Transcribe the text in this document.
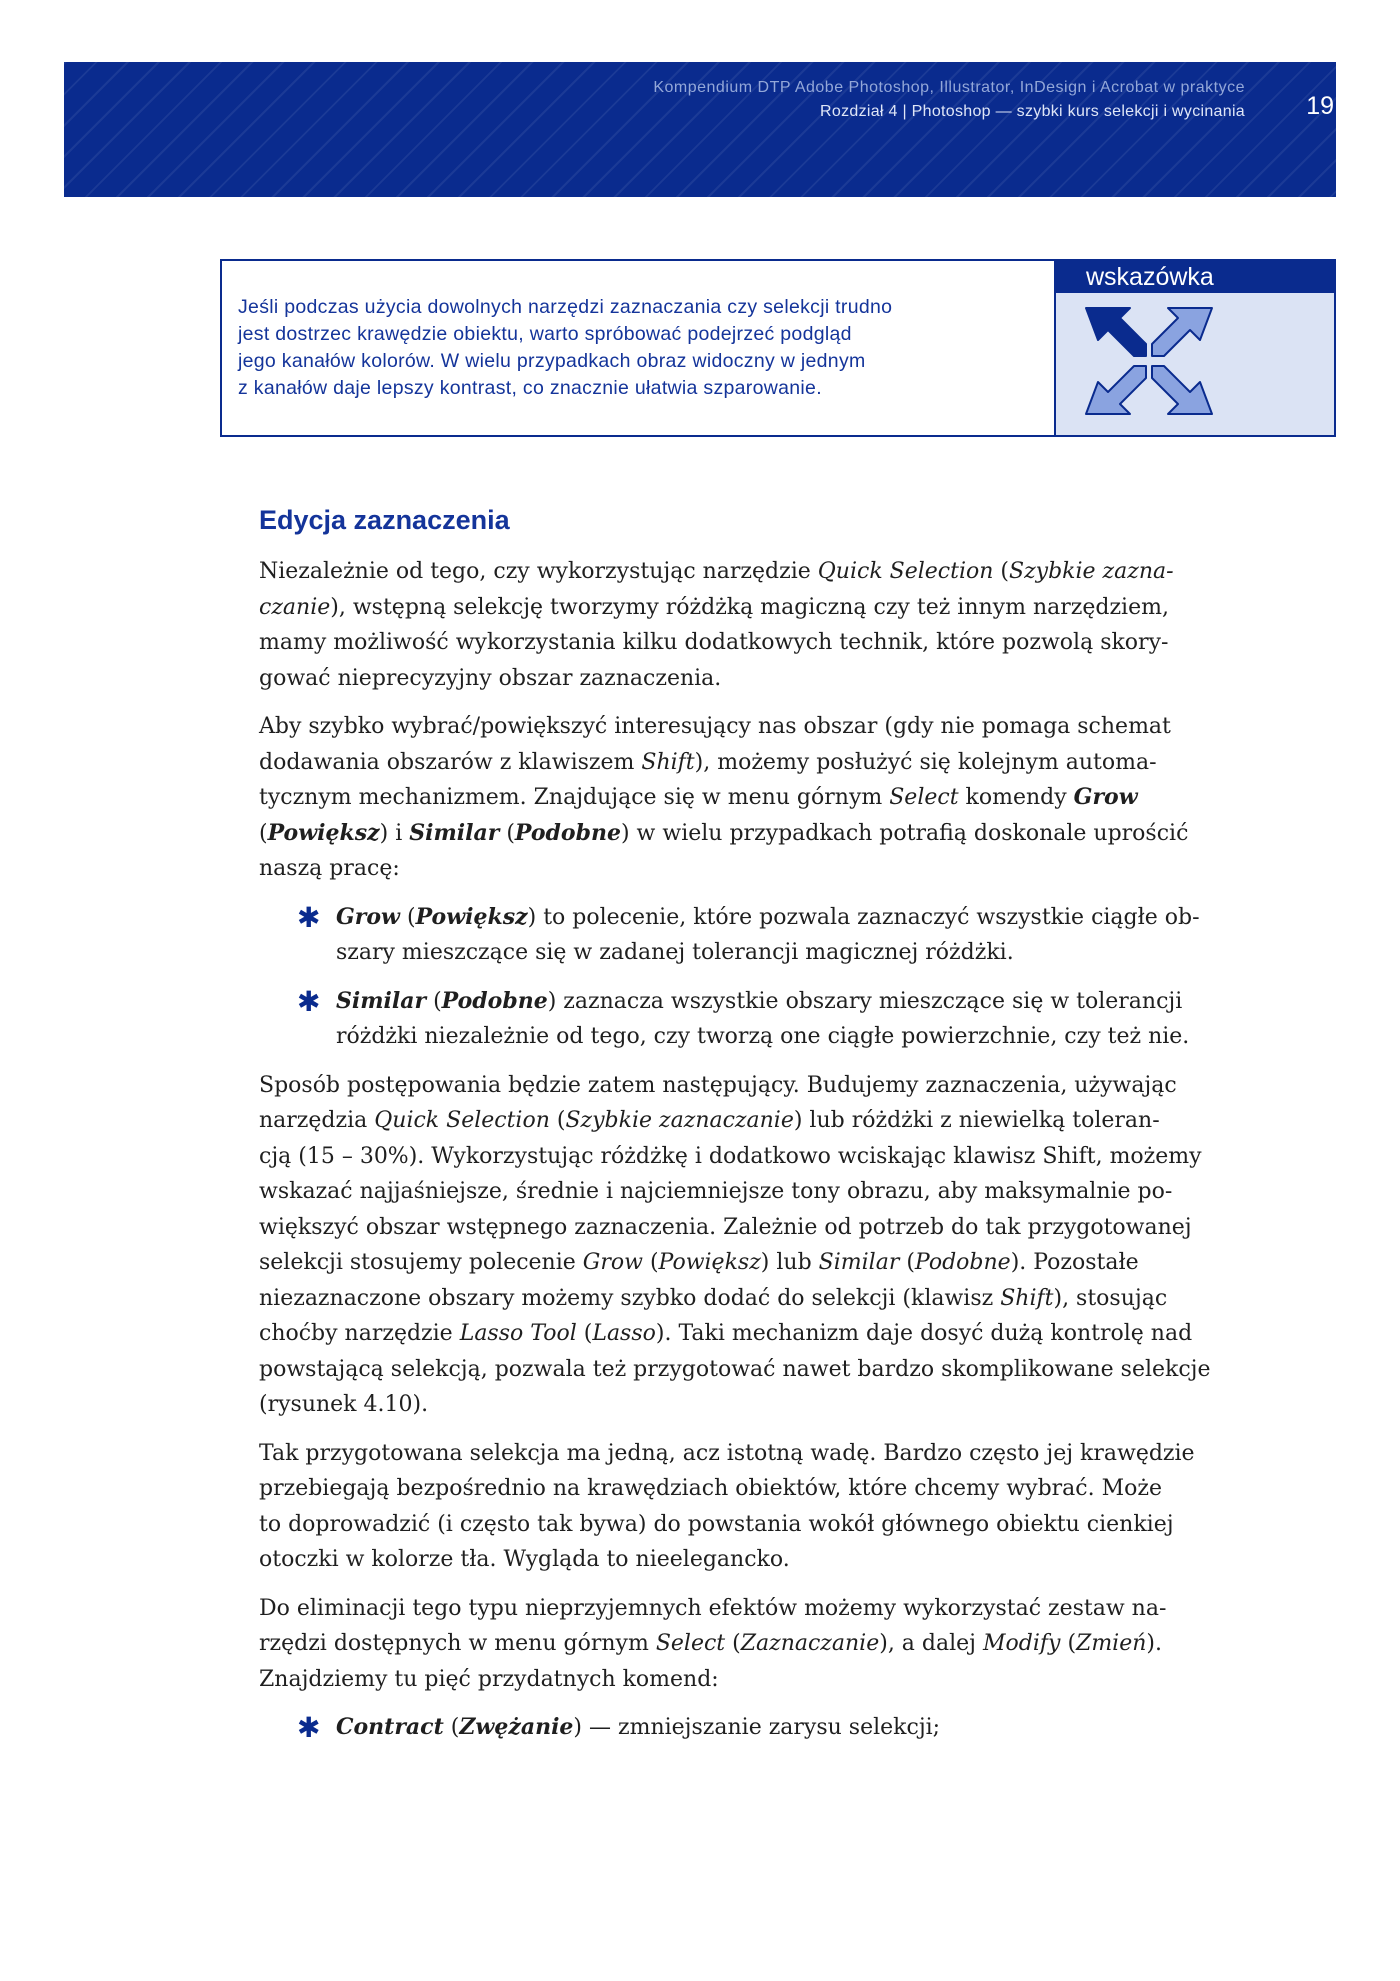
Kompendium DTP Adobe Photoshop, Illustrator, InDesign i Acrobat w praktyce
Rozdział 4 | Photoshop — szybki kurs selekcji i wycinania 191

Jeśli podczas użycia dowolnych narzędzi zaznaczania czy selekcji trudno

jest dostrzec krawędzie obiektu, warto spróbować podejrzeć podgląd

jego kanałów kolorów. W wielu przypadkach obraz widoczny w jednym

z kanałów daje lepszy kontrast, co znacznie ułatwia szparowanie.

wskazówka
Edycja zaznaczenia
Niezależnie od tego, czy wykorzystując narzędzie Quick Selection (Szybkie zazna-
czanie), wstępną selekcję tworzymy różdżką magiczną czy też innym narzędziem,
mamy możliwość wykorzystania kilku dodatkowych technik, które pozwolą skory-
gować nieprecyzyjny obszar zaznaczenia.
Aby szybko wybrać/powiększyć interesujący nas obszar (gdy nie pomaga schemat
dodawania obszarów z klawiszem Shift), możemy posłużyć się kolejnym automa-
tycznym mechanizmem. Znajdujące się w menu górnym Select komendy Grow
(Powiększ) i Similar (Podobne) w wielu przypadkach potrafią doskonale uprościć
naszą pracę:
✱ Grow (Powiększ) to polecenie, które pozwala zaznaczyć wszystkie ciągłe ob-
szary mieszczące się w zadanej tolerancji magicznej różdżki.
✱ Similar (Podobne) zaznacza wszystkie obszary mieszczące się w tolerancji
różdżki niezależnie od tego, czy tworzą one ciągłe powierzchnie, czy też nie.
Sposób postępowania będzie zatem następujący. Budujemy zaznaczenia, używając
narzędzia Quick Selection (Szybkie zaznaczanie) lub różdżki z niewielką toleran-
cją (15 – 30%). Wykorzystując różdżkę i dodatkowo wciskając klawisz Shift, możemy
wskazać najjaśniejsze, średnie i najciemniejsze tony obrazu, aby maksymalnie po-
większyć obszar wstępnego zaznaczenia. Zależnie od potrzeb do tak przygotowanej
selekcji stosujemy polecenie Grow (Powiększ) lub Similar (Podobne). Pozostałe
niezaznaczone obszary możemy szybko dodać do selekcji (klawisz Shift), stosując
choćby narzędzie Lasso Tool (Lasso). Taki mechanizm daje dosyć dużą kontrolę nad
powstającą selekcją, pozwala też przygotować nawet bardzo skomplikowane selekcje
(rysunek 4.10).
Tak przygotowana selekcja ma jedną, acz istotną wadę. Bardzo często jej krawędzie
przebiegają bezpośrednio na krawędziach obiektów, które chcemy wybrać. Może
to doprowadzić (i często tak bywa) do powstania wokół głównego obiektu cienkiej
otoczki w kolorze tła. Wygląda to nieelegancko.
Do eliminacji tego typu nieprzyjemnych efektów możemy wykorzystać zestaw na-
rzędzi dostępnych w menu górnym Select (Zaznaczanie), a dalej Modify (Zmień).
Znajdziemy tu pięć przydatnych komend:
✱ Contract (Zwężanie) — zmniejszanie zarysu selekcji;
